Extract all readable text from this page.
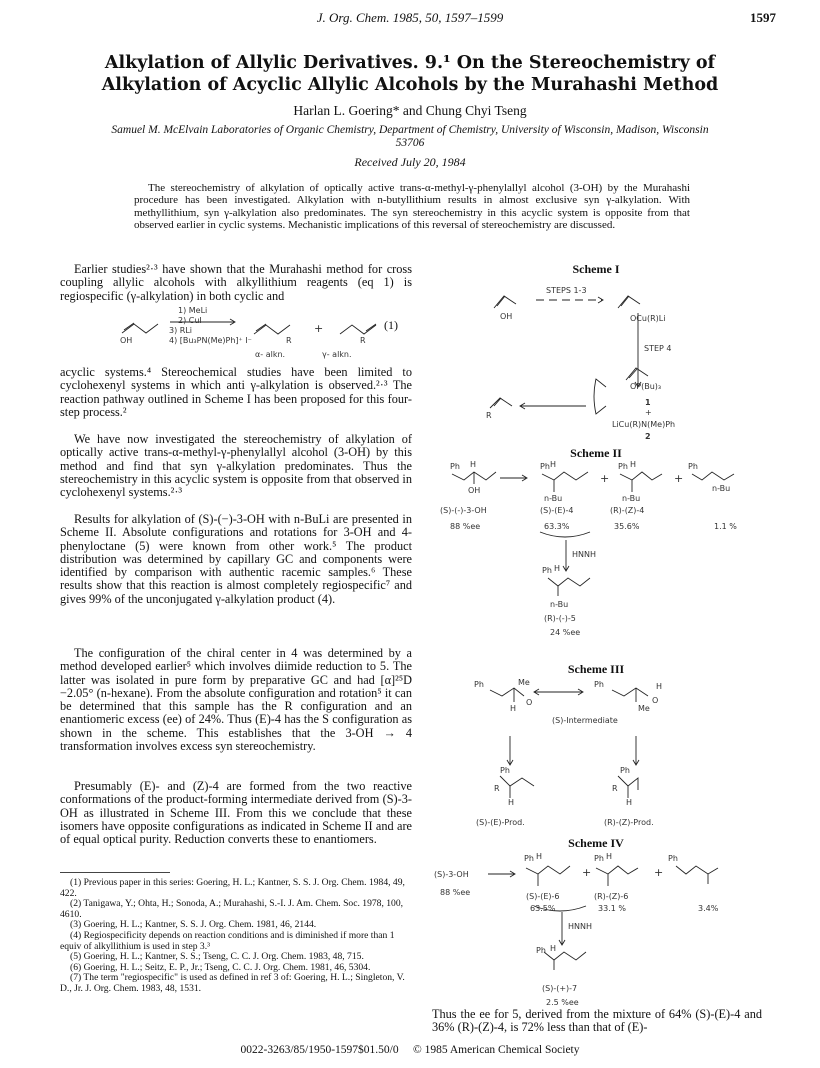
J. Org. Chem. 1985, 50, 1597–1599	1597
Alkylation of Allylic Derivatives. 9.¹ On the Stereochemistry of Alkylation of Acyclic Allylic Alcohols by the Murahashi Method
Harlan L. Goering* and Chung Chyi Tseng
Samuel M. McElvain Laboratories of Organic Chemistry, Department of Chemistry, University of Wisconsin, Madison, Wisconsin 53706
Received July 20, 1984
The stereochemistry of alkylation of optically active trans-α-methyl-γ-phenylallyl alcohol (3-OH) by the Murahashi procedure has been investigated. Alkylation with n-butyllithium results in almost exclusive syn γ-alkylation. With methyllithium, syn γ-alkylation also predominates. The syn stereochemistry in this acyclic system is opposite from that observed earlier in cyclic systems. Mechanistic implications of this reversal of stereochemistry are discussed.

Earlier studies²·³ have shown that the Murahashi method for cross coupling allylic alcohols with alkyllithium reagents (eq 1) is regiospecific (γ-alkylation) in both cyclic and

1) MeLi
2) CuI
3) RLi
4) [Bu₃PN(Me)Ph]⁺ I⁻
OH	R
+
R
α- alkn.	γ- alkn.
(1)

acyclic systems.⁴ Stereochemical studies have been limited to cyclohexenyl systems in which anti γ-alkylation is observed.²·³ The reaction pathway outlined in Scheme I has been proposed for this four-step process.²

We have now investigated the stereochemistry of alkylation of optically active trans-α-methyl-γ-phenylallyl alcohol (3-OH) by this method and find that syn γ-alkylation predominates. Thus the stereochemistry in this acyclic system is opposite from that observed in cyclohexenyl systems.²·³

Results for alkylation of (S)-(−)-3-OH with n-BuLi are presented in Scheme II. Absolute configurations and rotations for 3-OH and 4-phenyloctane (5) were known from other work.⁵ The product distribution was determined by capillary GC and components were identified by comparison with authentic racemic samples.⁶ These results show that this reaction is almost completely regiospecific⁷ and gives 99% of the unconjugated γ-alkylation product (4).

The configuration of the chiral center in 4 was determined by a method developed earlier⁵ which involves diimide reduction to 5. The latter was isolated in pure form by preparative GC and had [α]²⁵D −2.05° (n-hexane). From the absolute configuration and rotation⁵ it can be determined that this sample has the R configuration and an enantiomeric excess (ee) of 24%. Thus (E)-4 has the S configuration as shown in the scheme. This establishes that the 3-OH → 4 transformation involves excess syn stereochemistry.

Presumably (E)- and (Z)-4 are formed from the two reactive conformations of the product-forming intermediate derived from (S)-3-OH as illustrated in Scheme III. From this we conclude that these isomers have opposite configurations as indicated in Scheme II and are of equal optical purity. Reduction converts these to enantiomers.

(1) Previous paper in this series: Goering, H. L.; Kantner, S. S. J. Org. Chem. 1984, 49, 422.

(2) Tanigawa, Y.; Ohta, H.; Sonoda, A.; Murahashi, S.-I. J. Am. Chem. Soc. 1978, 100, 4610.

(3) Goering, H. L.; Kantner, S. S. J. Org. Chem. 1981, 46, 2144.

(4) Regiospecificity depends on reaction conditions and is diminished if more than 1 equiv of alkyllithium is used in step 3.³

(5) Goering, H. L.; Kantner, S. S.; Tseng, C. C. J. Org. Chem. 1983, 48, 715.

(6) Goering, H. L.; Seitz, E. P., Jr.; Tseng, C. C. J. Org. Chem. 1981, 46, 5304.

(7) The term "regiospecific" is used as defined in ref 3 of: Goering, H. L.; Singleton, V. D., Jr. J. Org. Chem. 1983, 48, 1531.

Scheme I
STEPS 1-3
OH	OCu(R)Li
STEP 4
OP(Bu)₃
1
+
LiCu(R)N(Me)Ph
2
R
Scheme II
Ph H
OH
Ph H
n-Bu
+
Ph H
n-Bu
+
Ph
n-Bu
(S)-(-)-3-OH	(S)-(E)-4	(R)-(Z)-4
88 %ee	63.3%	35.6%	1.1 %
HNNH
Ph H
n-Bu
(R)-(-)-5
24 %ee
Scheme III
Ph	Me
H
O
Ph	H
Me
O
(S)-Intermediate
Ph
R
H
Ph
R
H
(S)-(E)-Prod.	(R)-(Z)-Prod.
Scheme IV
(S)-3-OH
88 %ee
Ph H
+
Ph H
+
Ph
(S)-(E)-6	(R)-(Z)-6
63.5%	33.1 %	3.4%
HNNH
Ph H
(S)-(+)-7
2.5 %ee
Thus the ee for 5, derived from the mixture of 64% (S)-(E)-4 and 36% (R)-(Z)-4, is 72% less than that of (E)-
0022-3263/85/1950-1597$01.50/0 © 1985 American Chemical Society
